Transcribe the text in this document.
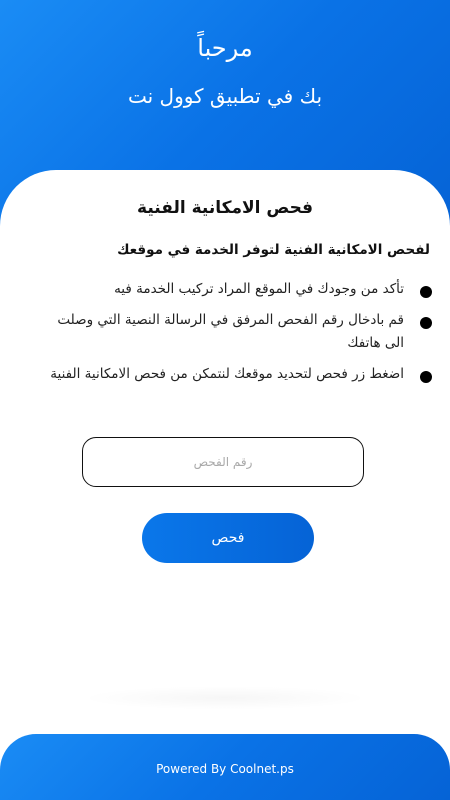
مرحباً
بك في تطبيق كوول نت
فحص الامكانية الفنية
لفحص الامكانية الفنية لتوفر الخدمة في موقعك
تأكد من وجودك في الموقع المراد تركيب الخدمة فيه
قم بادخال رقم الفحص المرفق في الرسالة النصية التي وصلت الى هاتفك
اضغط زر فحص لتحديد موقعك لنتمكن من فحص الامكانية الفنية
رقم الفحص
فحص
Powered By Coolnet.ps
